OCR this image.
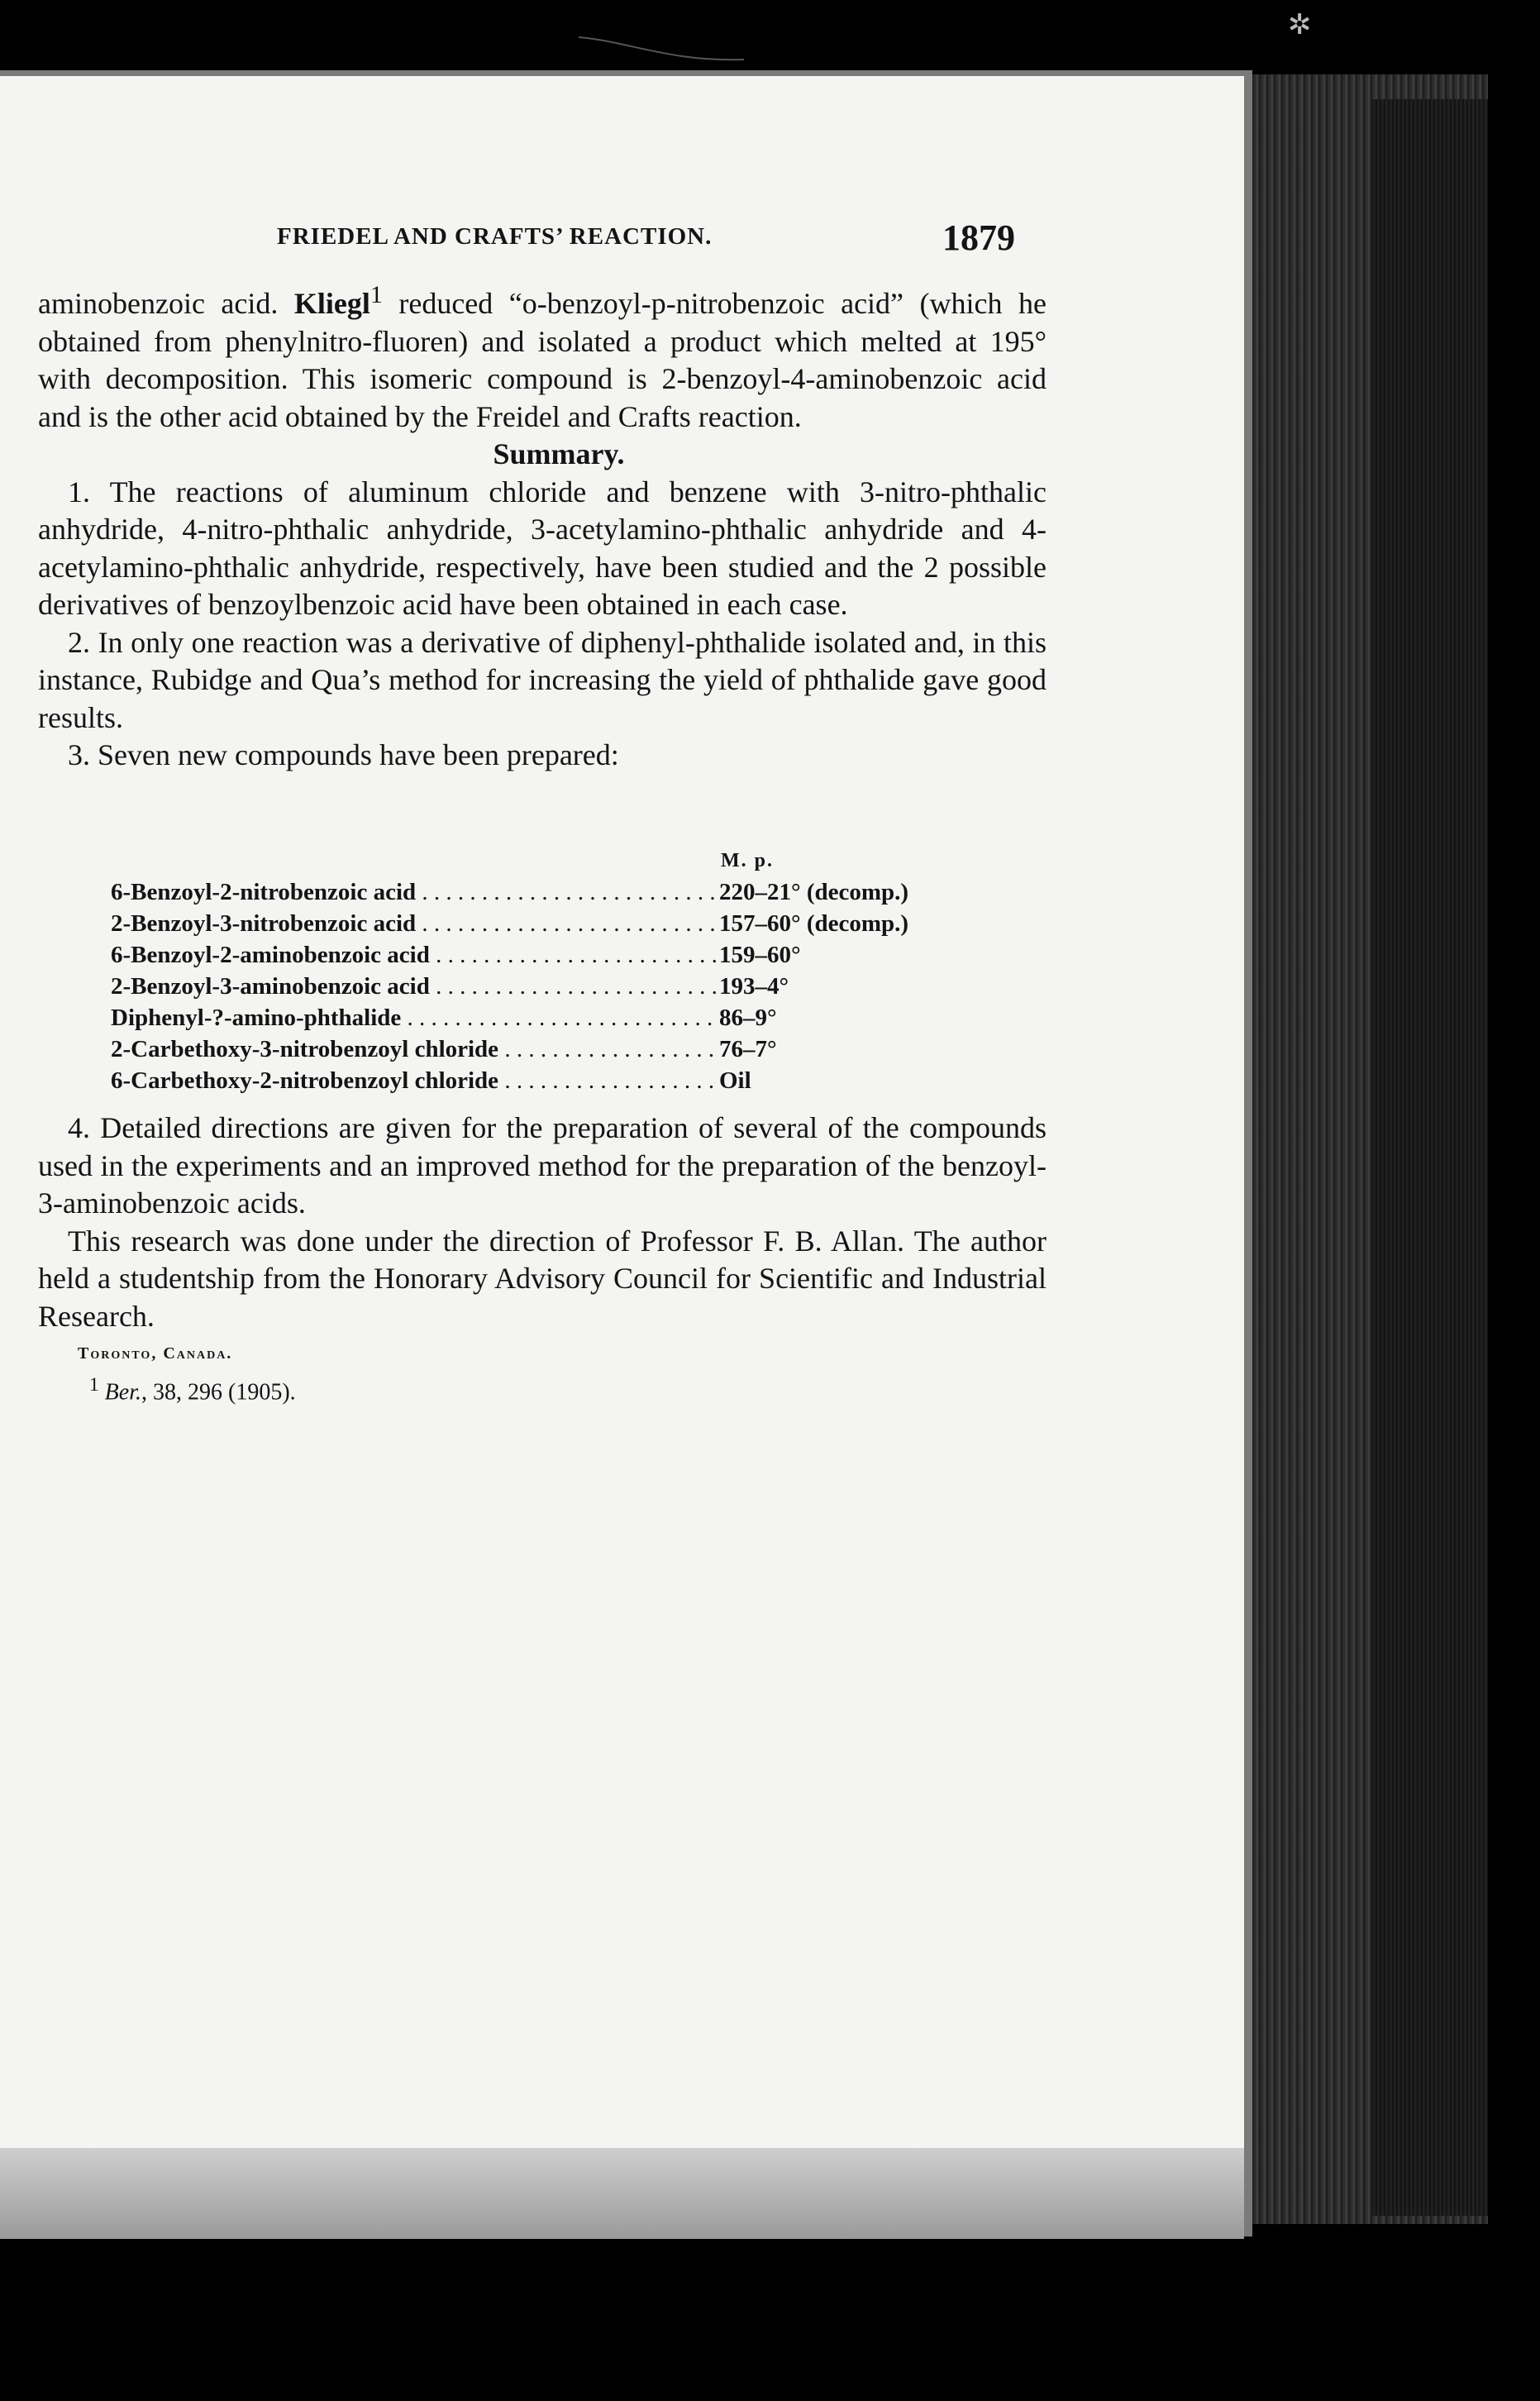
✲
FRIEDEL AND CRAFTS’ REACTION.	1879

aminobenzoic acid. Kliegl$^1$ reduced “o-benzoyl-p-nitrobenzoic acid” (which he obtained from phenylnitro-fluoren) and isolated a product which melted at 195° with decomposition. This isomeric compound is 2-benzoyl-4-aminobenzoic acid and is the other acid obtained by the Freidel and Crafts reaction.

Summary.

1. The reactions of aluminum chloride and benzene with 3-nitro-phthalic anhydride, 4-nitro-phthalic anhydride, 3-acetylamino-phthalic anhydride and 4-acetylamino-phthalic anhydride, respectively, have been studied and the 2 possible derivatives of benzoylbenzoic acid have been obtained in each case.

2. In only one reaction was a derivative of diphenyl-phthalide isolated and, in this instance, Rubidge and Qua’s method for increasing the yield of phthalide gave good results.

3. Seven new compounds have been prepared:

M. p.
6-Benzoyl-2-nitrobenzoic acid . . .	220–21° (decomp.)
2-Benzoyl-3-nitrobenzoic acid . . .	157–60° (decomp.)
6-Benzoyl-2-aminobenzoic acid . . .	159–60°
2-Benzoyl-3-aminobenzoic acid . . .	193–4°
Diphenyl-?-amino-phthalide . . .	86–9°
2-Carbethoxy-3-nitrobenzoyl chloride . . .	76–7°
6-Carbethoxy-2-nitrobenzoyl chloride . . .	Oil

4. Detailed directions are given for the preparation of several of the compounds used in the experiments and an improved method for the preparation of the benzoyl-3-aminobenzoic acids.

This research was done under the direction of Professor F. B. Allan. The author held a studentship from the Honorary Advisory Council for Scientific and Industrial Research.

Toronto, Canada.
$^1$ Ber., 38, 296 (1905).
